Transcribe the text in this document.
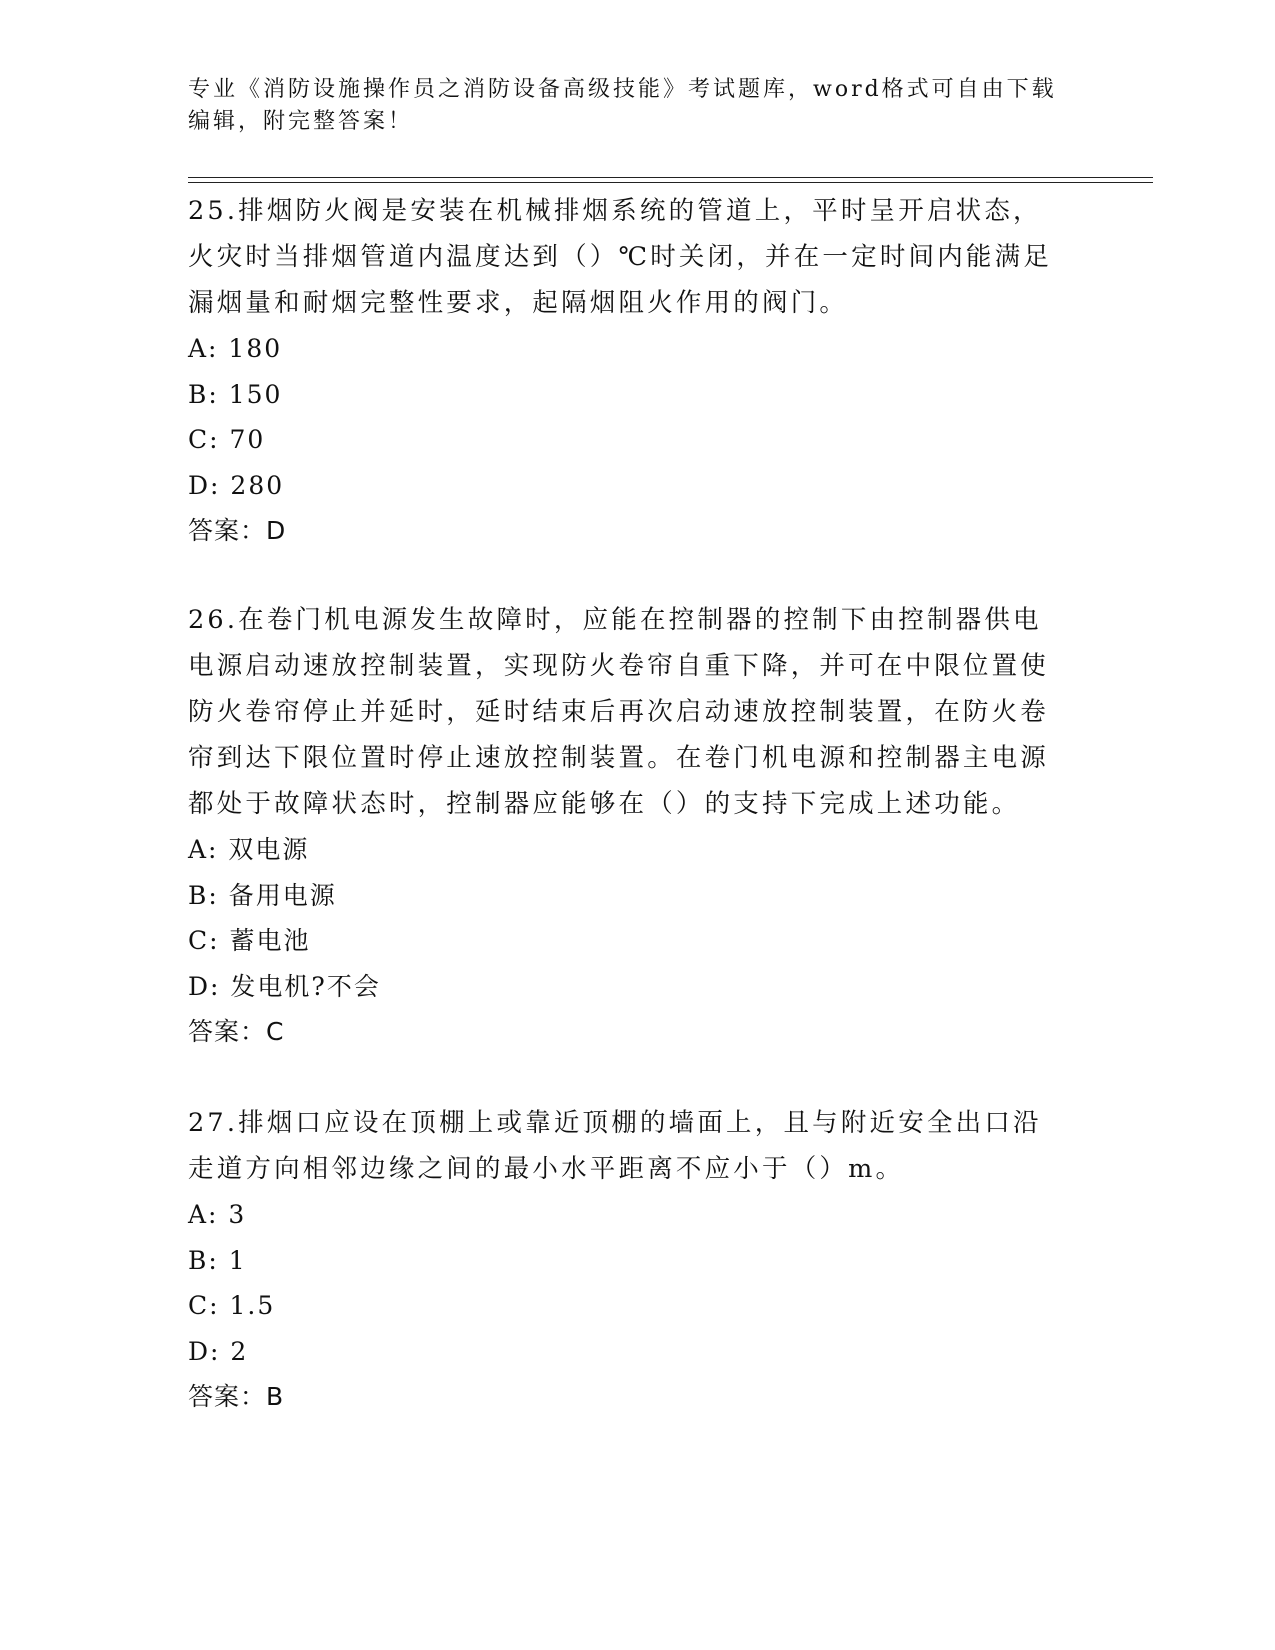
专业《消防设施操作员之消防设备高级技能》考试题库，word格式可自由下载编辑，附完整答案！

25.排烟防火阀是安装在机械排烟系统的管道上，平时呈开启状态，火灾时当排烟管道内温度达到（）℃时关闭，并在一定时间内能满足漏烟量和耐烟完整性要求，起隔烟阻火作用的阀门。

A: 180

B: 150

C: 70

D: 280

答案：D

26.在卷门机电源发生故障时，应能在控制器的控制下由控制器供电电源启动速放控制装置，实现防火卷帘自重下降，并可在中限位置使防火卷帘停止并延时，延时结束后再次启动速放控制装置，在防火卷帘到达下限位置时停止速放控制装置。在卷门机电源和控制器主电源都处于故障状态时，控制器应能够在（）的支持下完成上述功能。

A: 双电源

B: 备用电源

C: 蓄电池

D: 发电机?不会

答案：C

27.排烟口应设在顶棚上或靠近顶棚的墙面上，且与附近安全出口沿走道方向相邻边缘之间的最小水平距离不应小于（）m。

A: 3

B: 1

C: 1.5

D: 2

答案：B
